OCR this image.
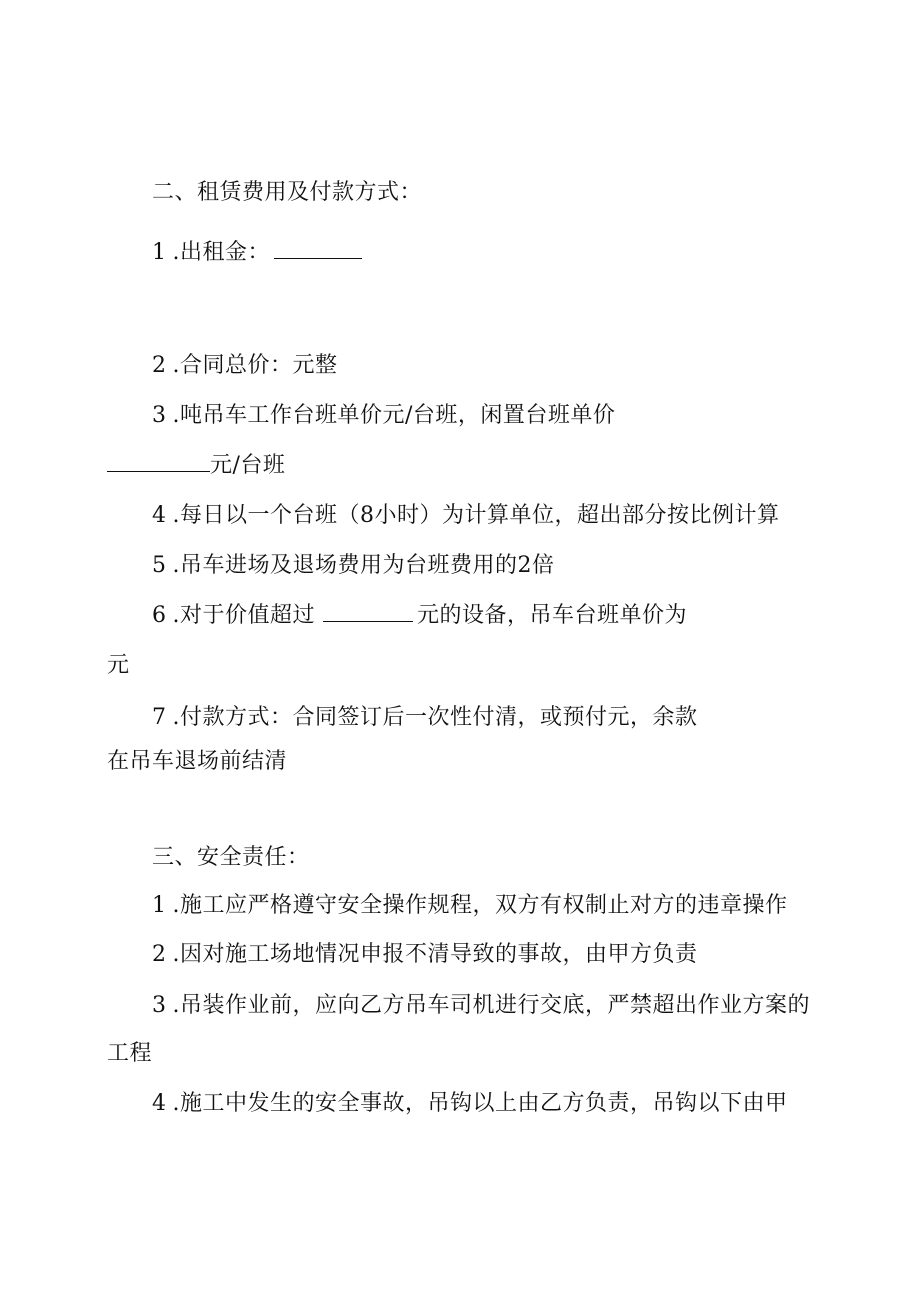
二、租赁费用及付款方式：
1 .出租金：
2 .合同总价：元整
3 .吨吊车工作台班单价元/台班，闲置台班单价
元/台班
4 .每日以一个台班（8小时）为计算单位，超出部分按比例计算
5 .吊车进场及退场费用为台班费用的2倍
6 .对于价值超过	元的设备，吊车台班单价为
元
7 .付款方式：合同签订后一次性付清，或预付元，余款
在吊车退场前结清
三、安全责任：
1 .施工应严格遵守安全操作规程，双方有权制止对方的违章操作
2 .因对施工场地情况申报不清导致的事故，由甲方负责
3 .吊装作业前，应向乙方吊车司机进行交底，严禁超出作业方案的
工程
4 .施工中发生的安全事故，吊钩以上由乙方负责，吊钩以下由甲
